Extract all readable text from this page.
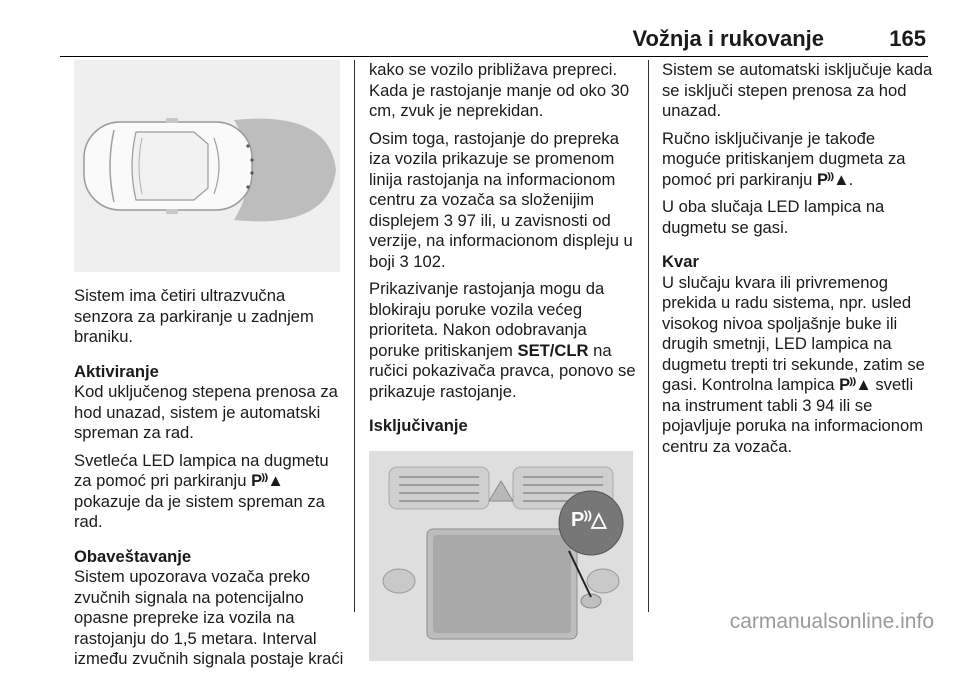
Vožnja i rukovanje	165

Sistem ima četiri ultrazvučna senzora za parkiranje u zadnjem braniku.

Aktiviranje

Kod uključenog stepena prenosa za hod unazad, sistem je automatski spreman za rad.

Svetleća LED lampica na dugmetu za pomoć pri parkiranju P⁾⁾▲ pokazuje da je sistem spreman za rad.

Obaveštavanje

Sistem upozorava vozača preko zvučnih signala na potencijalno opasne prepreke iza vozila na rastojanju do 1,5 metara. Interval između zvučnih signala postaje kraći

kako se vozilo približava prepreci. Kada je rastojanje manje od oko 30 cm, zvuk je neprekidan.

Osim toga, rastojanje do prepreka iza vozila prikazuje se promenom linija rastojanja na informacionom centru za vozača sa složenijim displejem 3 97 ili, u zavisnosti od verzije, na informacionom displeju u boji 3 102.

Prikazivanje rastojanja mogu da blokiraju poruke vozila većeg prioriteta. Nakon odobravanja poruke pritiskanjem SET/CLR na ručici pokazivača pravca, ponovo se prikazuje rastojanje.

Isključivanje
P⁾⁾△

Sistem se automatski isključuje kada se isključi stepen prenosa za hod unazad.

Ručno isključivanje je takođe moguće pritiskanjem dugmeta za pomoć pri parkiranju P⁾⁾▲.

U oba slučaja LED lampica na dugmetu se gasi.

Kvar

U slučaju kvara ili privremenog prekida u radu sistema, npr. usled visokog nivoa spoljašnje buke ili drugih smetnji, LED lampica na dugmetu trepti tri sekunde, zatim se gasi. Kontrolna lampica P⁾⁾▲ svetli na instrument tabli 3 94 ili se pojavljuje poruka na informacionom centru za vozača.

carmanualsonline.info
